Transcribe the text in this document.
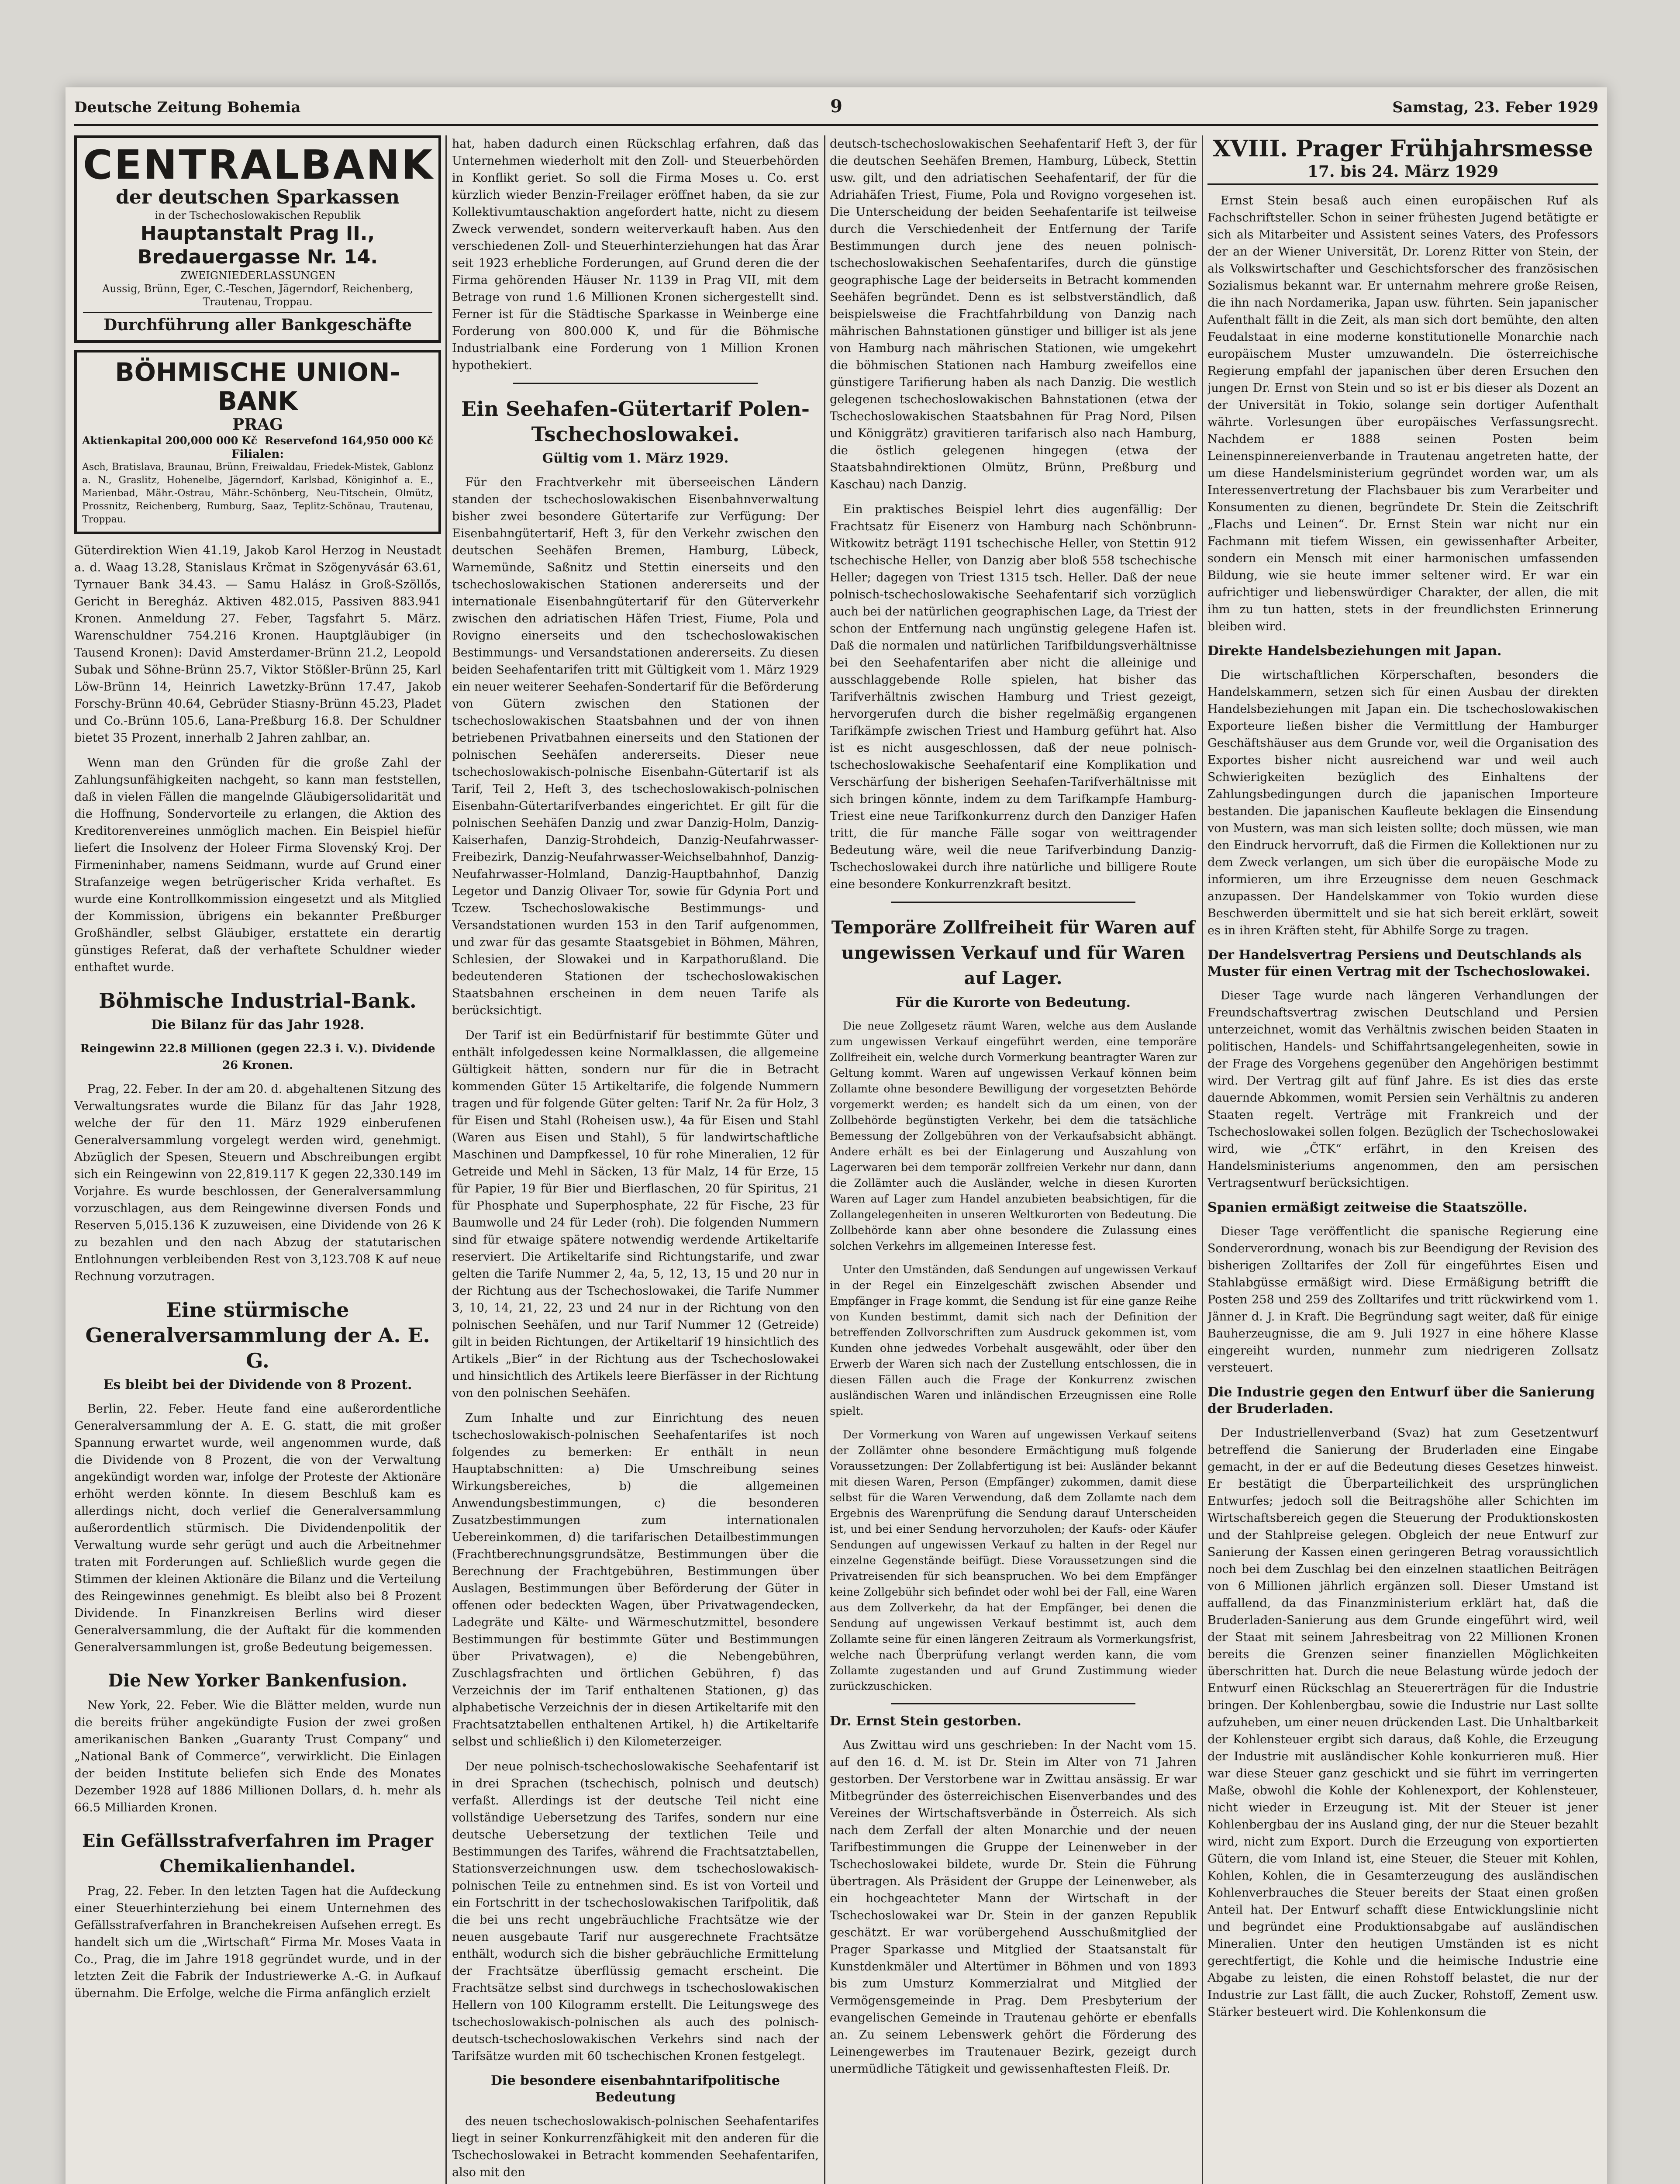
Deutsche Zeitung Bohemia	9	Samstag, 23. Feber 1929
CENTRALBANK
der deutschen Sparkassen
in der Tschechoslowakischen Republik
Hauptanstalt Prag II., Bredauergasse Nr. 14.
ZWEIGNIEDERLASSUNGEN
Aussig, Brünn, Eger, C.-Teschen, Jägerndorf, Reichenberg, Trautenau, Troppau.
Durchführung aller Bankgeschäfte
BÖHMISCHE UNION-BANK
PRAG
Aktienkapital 200,000 000 Kč Reservefond 164,950 000 Kč
Filialen:
Asch, Bratislava, Braunau, Brünn, Freiwaldau, Friedek-Mistek, Gablonz a. N., Graslitz, Hohenelbe, Jägerndorf, Karlsbad, Königinhof a. E., Marienbad, Mähr.-Ostrau, Mähr.-Schönberg, Neu-Titschein, Olmütz, Prossnitz, Reichenberg, Rumburg, Saaz, Teplitz-Schönau, Trautenau, Troppau.

Güterdirektion Wien 41.19, Jakob Karol Herzog in Neustadt a. d. Waag 13.28, Stanislaus Krčmat in Szögenyvásár 63.61, Tyrnauer Bank 34.43. — Samu Halász in Groß-Szöllős, Gericht in Beregház. Aktiven 482.015, Passiven 883.941 Kronen. Anmeldung 27. Feber, Tagsfahrt 5. März. Warenschuldner 754.216 Kronen. Hauptgläubiger (in Tausend Kronen): David Amsterdamer-Brünn 21.2, Leopold Subak und Söhne-Brünn 25.7, Viktor Stößler-Brünn 25, Karl Löw-Brünn 14, Heinrich Lawetzky-Brünn 17.47, Jakob Forschy-Brünn 40.64, Gebrüder Stiasny-Brünn 45.23, Pladet und Co.-Brünn 105.6, Lana-Preßburg 16.8. Der Schuldner bietet 35 Prozent, innerhalb 2 Jahren zahlbar, an.

Wenn man den Gründen für die große Zahl der Zahlungsunfähigkeiten nachgeht, so kann man feststellen, daß in vielen Fällen die mangelnde Gläubigersolidarität und die Hoffnung, Sondervorteile zu erlangen, die Aktion des Kreditorenvereines unmöglich machen. Ein Beispiel hiefür liefert die Insolvenz der Holeer Firma Slovenský Kroj. Der Firmeninhaber, namens Seidmann, wurde auf Grund einer Strafanzeige wegen betrügerischer Krida verhaftet. Es wurde eine Kontrollkommission eingesetzt und als Mitglied der Kommission, übrigens ein bekannter Preßburger Großhändler, selbst Gläubiger, erstattete ein derartig günstiges Referat, daß der verhaftete Schuldner wieder enthaftet wurde.

Böhmische Industrial-Bank.
Die Bilanz für das Jahr 1928.
Reingewinn 22.8 Millionen (gegen 22.3 i. V.). Dividende 26 Kronen.

Prag, 22. Feber. In der am 20. d. abgehaltenen Sitzung des Verwaltungsrates wurde die Bilanz für das Jahr 1928, welche der für den 11. März 1929 einberufenen Generalversammlung vorgelegt werden wird, genehmigt. Abzüglich der Spesen, Steuern und Abschreibungen ergibt sich ein Reingewinn von 22,819.117 K gegen 22,330.149 im Vorjahre. Es wurde beschlossen, der Generalversammlung vorzuschlagen, aus dem Reingewinne diversen Fonds und Reserven 5,015.136 K zuzuweisen, eine Dividende von 26 K zu bezahlen und den nach Abzug der statutarischen Entlohnungen verbleibenden Rest von 3,123.708 K auf neue Rechnung vorzutragen.

Eine stürmische Generalversammlung der A. E. G.
Es bleibt bei der Dividende von 8 Prozent.

Berlin, 22. Feber. Heute fand eine außerordentliche Generalversammlung der A. E. G. statt, die mit großer Spannung erwartet wurde, weil angenommen wurde, daß die Dividende von 8 Prozent, die von der Verwaltung angekündigt worden war, infolge der Proteste der Aktionäre erhöht werden könnte. In diesem Beschluß kam es allerdings nicht, doch verlief die Generalversammlung außerordentlich stürmisch. Die Dividendenpolitik der Verwaltung wurde sehr gerügt und auch die Arbeitnehmer traten mit Forderungen auf. Schließlich wurde gegen die Stimmen der kleinen Aktionäre die Bilanz und die Verteilung des Reingewinnes genehmigt. Es bleibt also bei 8 Prozent Dividende. In Finanzkreisen Berlins wird dieser Generalversammlung, die der Auftakt für die kommenden Generalversammlungen ist, große Bedeutung beigemessen.

Die New Yorker Bankenfusion.

New York, 22. Feber. Wie die Blätter melden, wurde nun die bereits früher angekündigte Fusion der zwei großen amerikanischen Banken „Guaranty Trust Company“ und „National Bank of Commerce“, verwirklicht. Die Einlagen der beiden Institute beliefen sich Ende des Monates Dezember 1928 auf 1886 Millionen Dollars, d. h. mehr als 66.5 Milliarden Kronen.

Ein Gefällsstrafverfahren im Prager Chemikalienhandel.

Prag, 22. Feber. In den letzten Tagen hat die Aufdeckung einer Steuerhinterziehung bei einem Unternehmen des Gefällsstrafverfahren in Branchekreisen Aufsehen erregt. Es handelt sich um die „Wirtschaft“ Firma Mr. Moses Vaata in Co., Prag, die im Jahre 1918 gegründet wurde, und in der letzten Zeit die Fabrik der Industriewerke A.-G. in Aufkauf übernahm. Die Erfolge, welche die Firma anfänglich erzielt

hat, haben dadurch einen Rückschlag erfahren, daß das Unternehmen wiederholt mit den Zoll- und Steuerbehörden in Konflikt geriet. So soll die Firma Moses u. Co. erst kürzlich wieder Benzin-Freilager eröffnet haben, da sie zur Kollektivumtauschaktion angefordert hatte, nicht zu diesem Zweck verwendet, sondern weiterverkauft haben. Aus den verschiedenen Zoll- und Steuerhinterziehungen hat das Ärar seit 1923 erhebliche Forderungen, auf Grund deren die der Firma gehörenden Häuser Nr. 1139 in Prag VII, mit dem Betrage von rund 1.6 Millionen Kronen sichergestellt sind. Ferner ist für die Städtische Sparkasse in Weinberge eine Forderung von 800.000 K, und für die Böhmische Industrialbank eine Forderung von 1 Million Kronen hypothekiert.

Ein Seehafen-Gütertarif Polen-Tschechoslowakei.
Gültig vom 1. März 1929.

Für den Frachtverkehr mit überseeischen Ländern standen der tschechoslowakischen Eisenbahnverwaltung bisher zwei besondere Gütertarife zur Verfügung: Der Eisenbahngütertarif, Heft 3, für den Verkehr zwischen den deutschen Seehäfen Bremen, Hamburg, Lübeck, Warnemünde, Saßnitz und Stettin einerseits und den tschechoslowakischen Stationen andererseits und der internationale Eisenbahngütertarif für den Güterverkehr zwischen den adriatischen Häfen Triest, Fiume, Pola und Rovigno einerseits und den tschechoslowakischen Bestimmungs- und Versandstationen andererseits. Zu diesen beiden Seehafentarifen tritt mit Gültigkeit vom 1. März 1929 ein neuer weiterer Seehafen-Sondertarif für die Beförderung von Gütern zwischen den Stationen der tschechoslowakischen Staatsbahnen und der von ihnen betriebenen Privatbahnen einerseits und den Stationen der polnischen Seehäfen andererseits. Dieser neue tschechoslowakisch-polnische Eisenbahn-Gütertarif ist als Tarif, Teil 2, Heft 3, des tschechoslowakisch-polnischen Eisenbahn-Gütertarifverbandes eingerichtet. Er gilt für die polnischen Seehäfen Danzig und zwar Danzig-Holm, Danzig-Kaiserhafen, Danzig-Strohdeich, Danzig-Neufahrwasser-Freibezirk, Danzig-Neufahrwasser-Weichselbahnhof, Danzig-Neufahrwasser-Holmland, Danzig-Hauptbahnhof, Danzig Legetor und Danzig Olivaer Tor, sowie für Gdynia Port und Tczew. Tschechoslowakische Bestimmungs- und Versandstationen wurden 153 in den Tarif aufgenommen, und zwar für das gesamte Staatsgebiet in Böhmen, Mähren, Schlesien, der Slowakei und in Karpathorußland. Die bedeutenderen Stationen der tschechoslowakischen Staatsbahnen erscheinen in dem neuen Tarife als berücksichtigt.

Der Tarif ist ein Bedürfnistarif für bestimmte Güter und enthält infolgedessen keine Normalklassen, die allgemeine Gültigkeit hätten, sondern nur für die in Betracht kommenden Güter 15 Artikeltarife, die folgende Nummern tragen und für folgende Güter gelten: Tarif Nr. 2a für Holz, 3 für Eisen und Stahl (Roheisen usw.), 4a für Eisen und Stahl (Waren aus Eisen und Stahl), 5 für landwirtschaftliche Maschinen und Dampfkessel, 10 für rohe Mineralien, 12 für Getreide und Mehl in Säcken, 13 für Malz, 14 für Erze, 15 für Papier, 19 für Bier und Bierflaschen, 20 für Spiritus, 21 für Phosphate und Superphosphate, 22 für Fische, 23 für Baumwolle und 24 für Leder (roh). Die folgenden Nummern sind für etwaige spätere notwendig werdende Artikeltarife reserviert. Die Artikeltarife sind Richtungstarife, und zwar gelten die Tarife Nummer 2, 4a, 5, 12, 13, 15 und 20 nur in der Richtung aus der Tschechoslowakei, die Tarife Nummer 3, 10, 14, 21, 22, 23 und 24 nur in der Richtung von den polnischen Seehäfen, und nur Tarif Nummer 12 (Getreide) gilt in beiden Richtungen, der Artikeltarif 19 hinsichtlich des Artikels „Bier“ in der Richtung aus der Tschechoslowakei und hinsichtlich des Artikels leere Bierfässer in der Richtung von den polnischen Seehäfen.

Zum Inhalte und zur Einrichtung des neuen tschechoslowakisch-polnischen Seehafentarifes ist noch folgendes zu bemerken: Er enthält in neun Hauptabschnitten: a) Die Umschreibung seines Wirkungsbereiches, b) die allgemeinen Anwendungsbestimmungen, c) die besonderen Zusatzbestimmungen zum internationalen Uebereinkommen, d) die tarifarischen Detailbestimmungen (Frachtberechnungsgrundsätze, Bestimmungen über die Berechnung der Frachtgebühren, Bestimmungen über Auslagen, Bestimmungen über Beförderung der Güter in offenen oder bedeckten Wagen, über Privatwagendecken, Ladegräte und Kälte- und Wärmeschutzmittel, besondere Bestimmungen für bestimmte Güter und Bestimmungen über Privatwagen), e) die Nebengebühren, Zuschlagsfrachten und örtlichen Gebühren, f) das Verzeichnis der im Tarif enthaltenen Stationen, g) das alphabetische Verzeichnis der in diesen Artikeltarife mit den Frachtsatztabellen enthaltenen Artikel, h) die Artikeltarife selbst und schließlich i) den Kilometerzeiger.

Der neue polnisch-tschechoslowakische Seehafentarif ist in drei Sprachen (tschechisch, polnisch und deutsch) verfaßt. Allerdings ist der deutsche Teil nicht eine vollständige Uebersetzung des Tarifes, sondern nur eine deutsche Uebersetzung der textlichen Teile und Bestimmungen des Tarifes, während die Frachtsatztabellen, Stationsverzeichnungen usw. dem tschechoslowakisch-polnischen Teile zu entnehmen sind. Es ist von Vorteil und ein Fortschritt in der tschechoslowakischen Tarifpolitik, daß die bei uns recht ungebräuchliche Frachtsätze wie der neuen ausgebaute Tarif nur ausgerechnete Frachtsätze enthält, wodurch sich die bisher gebräuchliche Ermittelung der Frachtsätze überflüssig gemacht erscheint. Die Frachtsätze selbst sind durchwegs in tschechoslowakischen Hellern von 100 Kilogramm erstellt. Die Leitungswege des tschechoslowakisch-polnischen als auch des polnisch-deutsch-tschechoslowakischen Verkehrs sind nach der Tarifsätze wurden mit 60 tschechischen Kronen festgelegt.

Die besondere eisenbahntarifpolitische Bedeutung

des neuen tschechoslowakisch-polnischen Seehafentarifes liegt in seiner Konkurrenzfähigkeit mit den anderen für die Tschechoslowakei in Betracht kommenden Seehafentarifen, also mit den

deutsch-tschechoslowakischen Seehafentarif Heft 3, der für die deutschen Seehäfen Bremen, Hamburg, Lübeck, Stettin usw. gilt, und den adriatischen Seehafentarif, der für die Adriahäfen Triest, Fiume, Pola und Rovigno vorgesehen ist. Die Unterscheidung der beiden Seehafentarife ist teilweise durch die Verschiedenheit der Entfernung der Tarife Bestimmungen durch jene des neuen polnisch-tschechoslowakischen Seehafentarifes, durch die günstige geographische Lage der beiderseits in Betracht kommenden Seehäfen begründet. Denn es ist selbstverständlich, daß beispielsweise die Frachtfahrbildung von Danzig nach mährischen Bahnstationen günstiger und billiger ist als jene von Hamburg nach mährischen Stationen, wie umgekehrt die böhmischen Stationen nach Hamburg zweifellos eine günstigere Tarifierung haben als nach Danzig. Die westlich gelegenen tschechoslowakischen Bahnstationen (etwa der Tschechoslowakischen Staatsbahnen für Prag Nord, Pilsen und Königgrätz) gravitieren tarifarisch also nach Hamburg, die östlich gelegenen hingegen (etwa der Staatsbahndirektionen Olmütz, Brünn, Preßburg und Kaschau) nach Danzig.

Ein praktisches Beispiel lehrt dies augenfällig: Der Frachtsatz für Eisenerz von Hamburg nach Schönbrunn-Witkowitz beträgt 1191 tschechische Heller, von Stettin 912 tschechische Heller, von Danzig aber bloß 558 tschechische Heller; dagegen von Triest 1315 tsch. Heller. Daß der neue polnisch-tschechoslowakische Seehafentarif sich vorzüglich auch bei der natürlichen geographischen Lage, da Triest der schon der Entfernung nach ungünstig gelegene Hafen ist. Daß die normalen und natürlichen Tarifbildungsverhältnisse bei den Seehafentarifen aber nicht die alleinige und ausschlaggebende Rolle spielen, hat bisher das Tarifverhältnis zwischen Hamburg und Triest gezeigt, hervorgerufen durch die bisher regelmäßig ergangenen Tarifkämpfe zwischen Triest und Hamburg geführt hat. Also ist es nicht ausgeschlossen, daß der neue polnisch-tschechoslowakische Seehafentarif eine Komplikation und Verschärfung der bisherigen Seehafen-Tarifverhältnisse mit sich bringen könnte, indem zu dem Tarifkampfe Hamburg-Triest eine neue Tarifkonkurrenz durch den Danziger Hafen tritt, die für manche Fälle sogar von weittragender Bedeutung wäre, weil die neue Tarifverbindung Danzig-Tschechoslowakei durch ihre natürliche und billigere Route eine besondere Konkurrenzkraft besitzt.

Temporäre Zollfreiheit für Waren auf ungewissen Verkauf und für Waren auf Lager.
Für die Kurorte von Bedeutung.

Die neue Zollgesetz räumt Waren, welche aus dem Auslande zum ungewissen Verkauf eingeführt werden, eine temporäre Zollfreiheit ein, welche durch Vormerkung beantragter Waren zur Geltung kommt. Waren auf ungewissen Verkauf können beim Zollamte ohne besondere Bewilligung der vorgesetzten Behörde vorgemerkt werden; es handelt sich da um einen, von der Zollbehörde begünstigten Verkehr, bei dem die tatsächliche Bemessung der Zollgebühren von der Verkaufsabsicht abhängt. Andere erhält es bei der Einlagerung und Auszahlung von Lagerwaren bei dem temporär zollfreien Verkehr nur dann, dann die Zollämter auch die Ausländer, welche in diesen Kurorten Waren auf Lager zum Handel anzubieten beabsichtigen, für die Zollangelegenheiten in unseren Weltkurorten von Bedeutung. Die Zollbehörde kann aber ohne besondere die Zulassung eines solchen Verkehrs im allgemeinen Interesse fest.

Unter den Umständen, daß Sendungen auf ungewissen Verkauf in der Regel ein Einzelgeschäft zwischen Absender und Empfänger in Frage kommt, die Sendung ist für eine ganze Reihe von Kunden bestimmt, damit sich nach der Definition der betreffenden Zollvorschriften zum Ausdruck gekommen ist, vom Kunden ohne jedwedes Vorbehalt ausgewählt, oder über den Erwerb der Waren sich nach der Zustellung entschlossen, die in diesen Fällen auch die Frage der Konkurrenz zwischen ausländischen Waren und inländischen Erzeugnissen eine Rolle spielt.

Der Vormerkung von Waren auf ungewissen Verkauf seitens der Zollämter ohne besondere Ermächtigung muß folgende Voraussetzungen: Der Zollabfertigung ist bei: Ausländer bekannt mit diesen Waren, Person (Empfänger) zukommen, damit diese selbst für die Waren Verwendung, daß dem Zollamte nach dem Ergebnis des Warenprüfung die Sendung darauf Unterscheiden ist, und bei einer Sendung hervorzuholen; der Kaufs- oder Käufer Sendungen auf ungewissen Verkauf zu halten in der Regel nur einzelne Gegenstände beifügt. Diese Voraussetzungen sind die Privatreisenden für sich beanspruchen. Wo bei dem Empfänger keine Zollgebühr sich befindet oder wohl bei der Fall, eine Waren aus dem Zollverkehr, da hat der Empfänger, bei denen die Sendung auf ungewissen Verkauf bestimmt ist, auch dem Zollamte seine für einen längeren Zeitraum als Vormerkungsfrist, welche nach Überprüfung verlangt werden kann, die vom Zollamte zugestanden und auf Grund Zustimmung wieder zurückzuschicken.

Dr. Ernst Stein gestorben.

Aus Zwittau wird uns geschrieben: In der Nacht vom 15. auf den 16. d. M. ist Dr. Stein im Alter von 71 Jahren gestorben. Der Verstorbene war in Zwittau ansässig. Er war Mitbegründer des österreichischen Eisenverbandes und des Vereines der Wirtschaftsverbände in Österreich. Als sich nach dem Zerfall der alten Monarchie und der neuen Tarifbestimmungen die Gruppe der Leinenweber in der Tschechoslowakei bildete, wurde Dr. Stein die Führung übertragen. Als Präsident der Gruppe der Leinenweber, als ein hochgeachteter Mann der Wirtschaft in der Tschechoslowakei war Dr. Stein in der ganzen Republik geschätzt. Er war vorübergehend Ausschußmitglied der Prager Sparkasse und Mitglied der Staatsanstalt für Kunstdenkmäler und Altertümer in Böhmen und von 1893 bis zum Umsturz Kommerzialrat und Mitglied der Vermögensgemeinde in Prag. Dem Presbyterium der evangelischen Gemeinde in Trautenau gehörte er ebenfalls an. Zu seinem Lebenswerk gehört die Förderung des Leinengewerbes im Trautenauer Bezirk, gezeigt durch unermüdliche Tätigkeit und gewissenhaftesten Fleiß. Dr.

XVIII. Prager Frühjahrsmesse
17. bis 24. März 1929

Ernst Stein besaß auch einen europäischen Ruf als Fachschriftsteller. Schon in seiner frühesten Jugend betätigte er sich als Mitarbeiter und Assistent seines Vaters, des Professors der an der Wiener Universität, Dr. Lorenz Ritter von Stein, der als Volkswirtschafter und Geschichtsforscher des französischen Sozialismus bekannt war. Er unternahm mehrere große Reisen, die ihn nach Nordamerika, Japan usw. führten. Sein japanischer Aufenthalt fällt in die Zeit, als man sich dort bemühte, den alten Feudalstaat in eine moderne konstitutionelle Monarchie nach europäischem Muster umzuwandeln. Die österreichische Regierung empfahl der japanischen über deren Ersuchen den jungen Dr. Ernst von Stein und so ist er bis dieser als Dozent an der Universität in Tokio, solange sein dortiger Aufenthalt währte. Vorlesungen über europäisches Verfassungsrecht. Nachdem er 1888 seinen Posten beim Leinenspinnereienverbande in Trautenau angetreten hatte, der um diese Handelsministerium gegründet worden war, um als Interessenvertretung der Flachsbauer bis zum Verarbeiter und Konsumenten zu dienen, begründete Dr. Stein die Zeitschrift „Flachs und Leinen“. Dr. Ernst Stein war nicht nur ein Fachmann mit tiefem Wissen, ein gewissenhafter Arbeiter, sondern ein Mensch mit einer harmonischen umfassenden Bildung, wie sie heute immer seltener wird. Er war ein aufrichtiger und liebenswürdiger Charakter, der allen, die mit ihm zu tun hatten, stets in der freundlichsten Erinnerung bleiben wird.

Direkte Handelsbeziehungen mit Japan.

Die wirtschaftlichen Körperschaften, besonders die Handelskammern, setzen sich für einen Ausbau der direkten Handelsbeziehungen mit Japan ein. Die tschechoslowakischen Exporteure ließen bisher die Vermittlung der Hamburger Geschäftshäuser aus dem Grunde vor, weil die Organisation des Exportes bisher nicht ausreichend war und weil auch Schwierigkeiten bezüglich des Einhaltens der Zahlungsbedingungen durch die japanischen Importeure bestanden. Die japanischen Kaufleute beklagen die Einsendung von Mustern, was man sich leisten sollte; doch müssen, wie man den Eindruck hervorruft, daß die Firmen die Kollektionen nur zu dem Zweck verlangen, um sich über die europäische Mode zu informieren, um ihre Erzeugnisse dem neuen Geschmack anzupassen. Der Handelskammer von Tokio wurden diese Beschwerden übermittelt und sie hat sich bereit erklärt, soweit es in ihren Kräften steht, für Abhilfe Sorge zu tragen.

Der Handelsvertrag Persiens und Deutschlands als Muster für einen Vertrag mit der Tschechoslowakei.

Dieser Tage wurde nach längeren Verhandlungen der Freundschaftsvertrag zwischen Deutschland und Persien unterzeichnet, womit das Verhältnis zwischen beiden Staaten in politischen, Handels- und Schiffahrtsangelegenheiten, sowie in der Frage des Vorgehens gegenüber den Angehörigen bestimmt wird. Der Vertrag gilt auf fünf Jahre. Es ist dies das erste dauernde Abkommen, womit Persien sein Verhältnis zu anderen Staaten regelt. Verträge mit Frankreich und der Tschechoslowakei sollen folgen. Bezüglich der Tschechoslowakei wird, wie „ČTK“ erfährt, in den Kreisen des Handelsministeriums angenommen, den am persischen Vertragsentwurf berücksichtigen.

Spanien ermäßigt zeitweise die Staatszölle.

Dieser Tage veröffentlicht die spanische Regierung eine Sonderverordnung, wonach bis zur Beendigung der Revision des bisherigen Zolltarifes der Zoll für eingeführtes Eisen und Stahlabgüsse ermäßigt wird. Diese Ermäßigung betrifft die Posten 258 und 259 des Zolltarifes und tritt rückwirkend vom 1. Jänner d. J. in Kraft. Die Begründung sagt weiter, daß für einige Bauherzeugnisse, die am 9. Juli 1927 in eine höhere Klasse eingereiht wurden, nunmehr zum niedrigeren Zollsatz versteuert.

Die Industrie gegen den Entwurf über die Sanierung der Bruderladen.

Der Industriellenverband (Svaz) hat zum Gesetzentwurf betreffend die Sanierung der Bruderladen eine Eingabe gemacht, in der er auf die Bedeutung dieses Gesetzes hinweist. Er bestätigt die Überparteilichkeit des ursprünglichen Entwurfes; jedoch soll die Beitragshöhe aller Schichten im Wirtschaftsbereich gegen die Steuerung der Produktionskosten und der Stahlpreise gelegen. Obgleich der neue Entwurf zur Sanierung der Kassen einen geringeren Betrag voraussichtlich noch bei dem Zuschlag bei den einzelnen staatlichen Beiträgen von 6 Millionen jährlich ergänzen soll. Dieser Umstand ist auffallend, da das Finanzministerium erklärt hat, daß die Bruderladen-Sanierung aus dem Grunde eingeführt wird, weil der Staat mit seinem Jahresbeitrag von 22 Millionen Kronen bereits die Grenzen seiner finanziellen Möglichkeiten überschritten hat. Durch die neue Belastung würde jedoch der Entwurf einen Rückschlag an Steuererträgen für die Industrie bringen. Der Kohlenbergbau, sowie die Industrie nur Last sollte aufzuheben, um einer neuen drückenden Last. Die Unhaltbarkeit der Kohlensteuer ergibt sich daraus, daß Kohle, die Erzeugung der Industrie mit ausländischer Kohle konkurrieren muß. Hier war diese Steuer ganz geschickt und sie führt im verringerten Maße, obwohl die Kohle der Kohlenexport, der Kohlensteuer, nicht wieder in Erzeugung ist. Mit der Steuer ist jener Kohlenbergbau der ins Ausland ging, der nur die Steuer bezahlt wird, nicht zum Export. Durch die Erzeugung von exportierten Gütern, die vom Inland ist, eine Steuer, die Steuer mit Kohlen, Kohlen, Kohlen, die in Gesamterzeugung des ausländischen Kohlenverbrauches die Steuer bereits der Staat einen großen Anteil hat. Der Entwurf schafft diese Entwicklungslinie nicht und begründet eine Produktionsabgabe auf ausländischen Mineralien. Unter den heutigen Umständen ist es nicht gerechtfertigt, die Kohle und die heimische Industrie eine Abgabe zu leisten, die einen Rohstoff belastet, die nur der Industrie zur Last fällt, die auch Zucker, Rohstoff, Zement usw. Stärker besteuert wird. Die Kohlenkonsum die
